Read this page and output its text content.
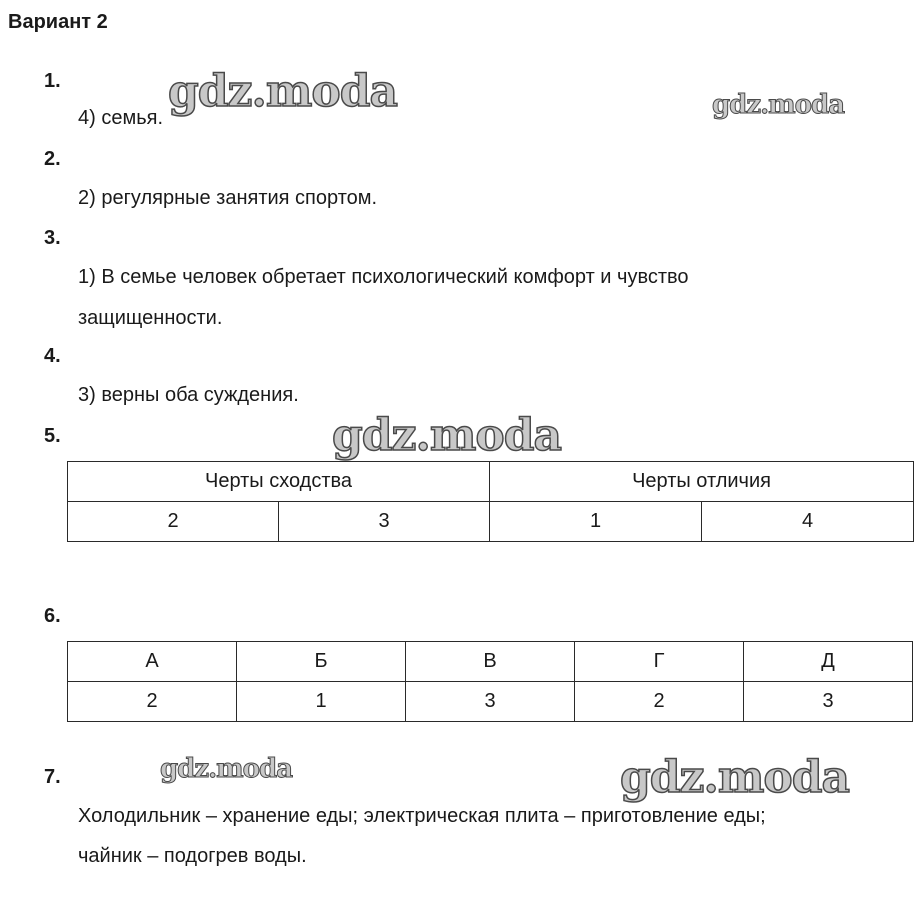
Вариант 2
1.
4) семья.
2.
2) регулярные занятия спортом.
3.
1) В семье человек обретает психологический комфорт и чувство
защищенности.
4.
3) верны оба суждения.
5.
Черты сходства		Черты отличия	
2	3	1	4
6.
А	Б	В	Г	Д
2	1	3	2	3
7.
Холодильник – хранение еды; электрическая плита – приготовление еды;
чайник – подогрев воды.
gdz.moda	gdz.moda
gdz.moda
gdz.moda	gdz.moda
